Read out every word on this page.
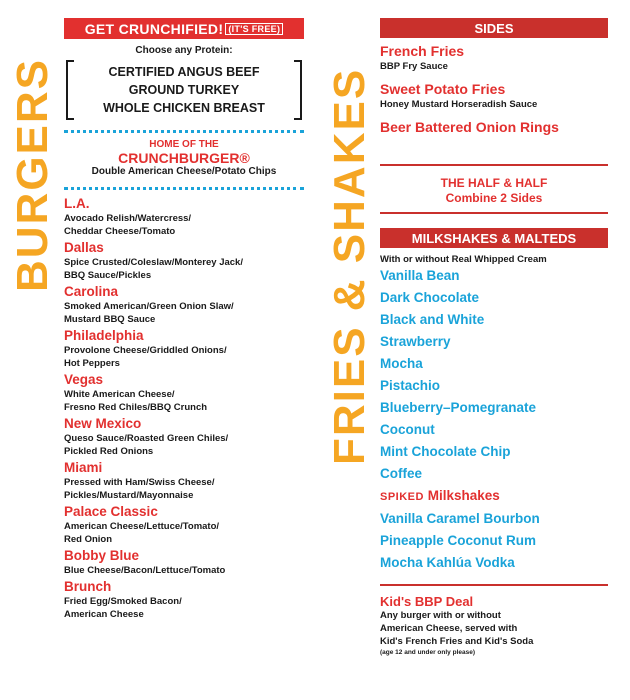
BURGERS	FRIES & SHAKES
GET CRUNCHIFIED! (IT'S FREE)
Choose any Protein:
CERTIFIED ANGUS BEEF
GROUND TURKEY
WHOLE CHICKEN BREAST
HOME OF THE
CRUNCHBURGER®
Double American Cheese/Potato Chips
L.A.
Avocado Relish/Watercress/
Cheddar Cheese/Tomato
Dallas
Spice Crusted/Coleslaw/Monterey Jack/
BBQ Sauce/Pickles
Carolina
Smoked American/Green Onion Slaw/
Mustard BBQ Sauce
Philadelphia
Provolone Cheese/Griddled Onions/
Hot Peppers
Vegas
White American Cheese/
Fresno Red Chiles/BBQ Crunch
New Mexico
Queso Sauce/Roasted Green Chiles/
Pickled Red Onions
Miami
Pressed with Ham/Swiss Cheese/
Pickles/Mustard/Mayonnaise
Palace Classic
American Cheese/Lettuce/Tomato/
Red Onion
Bobby Blue
Blue Cheese/Bacon/Lettuce/Tomato
Brunch
Fried Egg/Smoked Bacon/
American Cheese
SIDES
French Fries
BBP Fry Sauce
Sweet Potato Fries
Honey Mustard Horseradish Sauce
Beer Battered Onion Rings
THE HALF & HALF
Combine 2 Sides
MILKSHAKES & MALTEDS
With or without Real Whipped Cream
Vanilla Bean
Dark Chocolate
Black and White
Strawberry
Mocha
Pistachio
Blueberry–Pomegranate
Coconut
Mint Chocolate Chip
Coffee
SPIKED Milkshakes
Vanilla Caramel Bourbon
Pineapple Coconut Rum
Mocha Kahlúa Vodka
Kid's BBP Deal
Any burger with or without
American Cheese, served with
Kid's French Fries and Kid's Soda
(age 12 and under only please)
